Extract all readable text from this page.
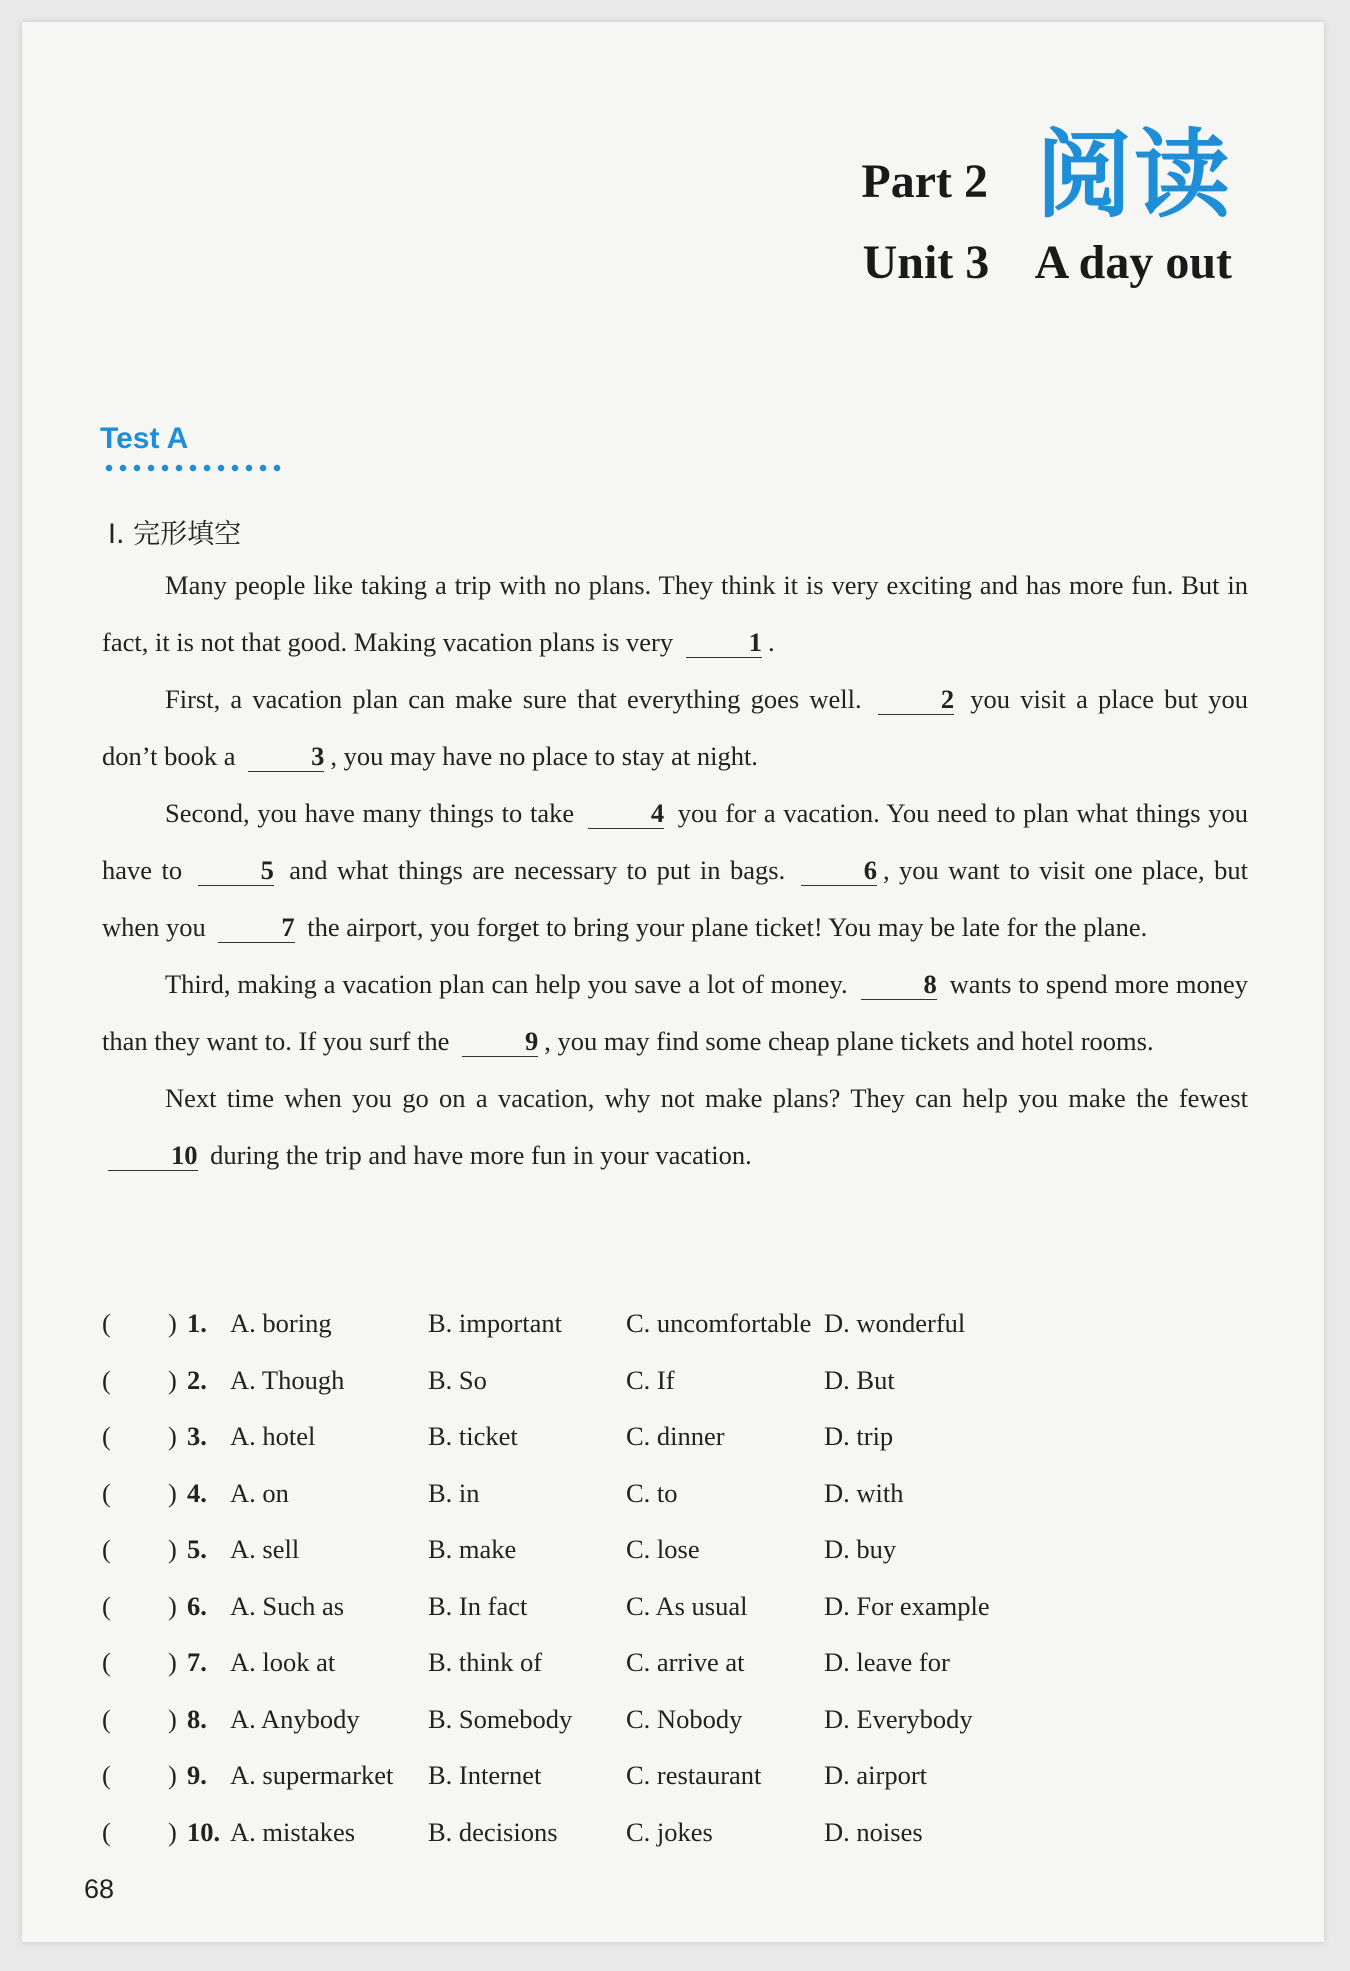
Part 2 阅读
Unit 3    A day out
Test A
Ⅰ. 完形填空

Many people like taking a trip with no plans. They think it is very exciting and has more fun. But in fact, it is not that good. Making vacation plans is very	1 .

First, a vacation plan can make sure that everything goes well.	2 you visit a place but you don’t book a	3 , you may have no place to stay at night.

Second, you have many things to take	4 you for a vacation. You need to plan what things you have to	5 and what things are necessary to put in bags.	6 , you want to visit one place, but when you	7 the airport, you forget to bring your plane ticket! You may be late for the plane.

Third, making a vacation plan can help you save a lot of money.	8 wants to spend more money than they want to. If you surf the	9 , you may find some cheap plane tickets and hotel rooms.

Next time when you go on a vacation, why not make plans? They can help you make the fewest 10 during the trip and have more fun in your vacation.

( ) 1. A. boring	B. important C. uncomfortable D. wonderful
( ) 2. A. Though	B. So	C. If	D. But
( ) 3. A. hotel	B. ticket	C. dinner	D. trip
( ) 4. A. on	B. in	C. to	D. with
( ) 5. A. sell	B. make	C. lose	D. buy
( ) 6. A. Such as	B. In fact	C. As usual	D. For example
( ) 7. A. look at	B. think of	C. arrive at	D. leave for
( ) 8. A. Anybody	B. Somebody C. Nobody	D. Everybody
( ) 9. A. supermarket B. Internet	C. restaurant D. airport
( ) 10. A. mistakes	B. decisions	C. jokes	D. noises
68
